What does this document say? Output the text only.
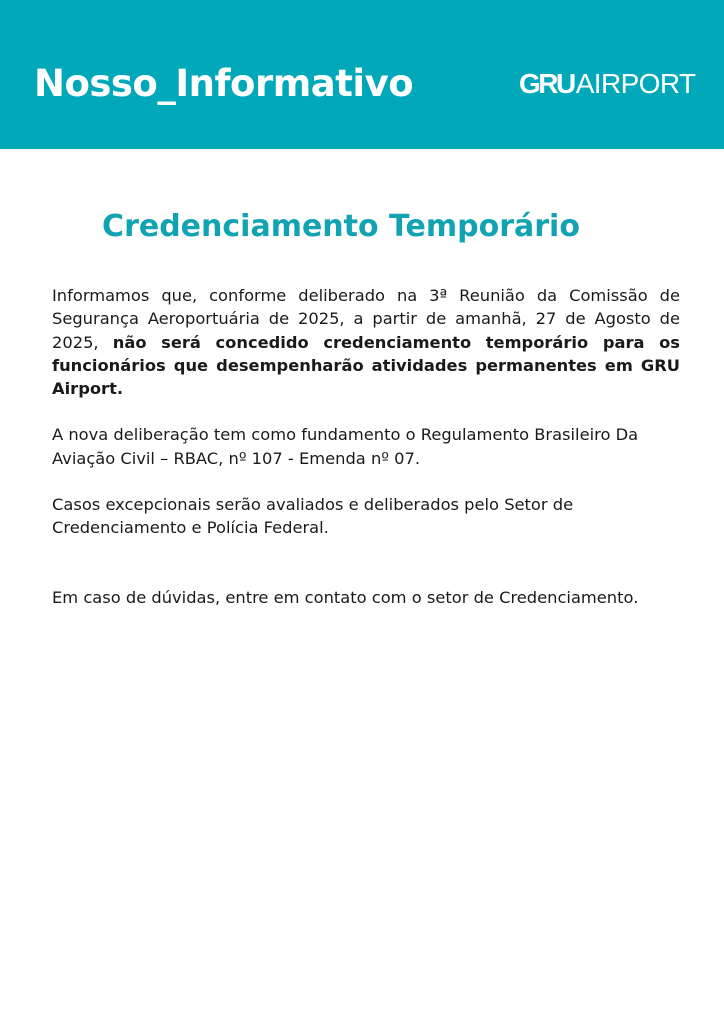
Nosso_Informativo	GRUAIRPORT
Credenciamento Temporário

Informamos que, conforme deliberado na 3ª Reunião da Comissão de Segurança Aeroportuária de 2025, a partir de amanhã, 27 de Agosto de 2025, não será concedido credenciamento temporário para os funcionários que desempenharão atividades permanentes em GRU Airport.

A nova deliberação tem como fundamento o Regulamento Brasileiro Da
Aviação Civil – RBAC, nº 107 - Emenda nº 07.

Casos excepcionais serão avaliados e deliberados pelo Setor de
Credenciamento e Polícia Federal.

Em caso de dúvidas, entre em contato com o setor de Credenciamento.
